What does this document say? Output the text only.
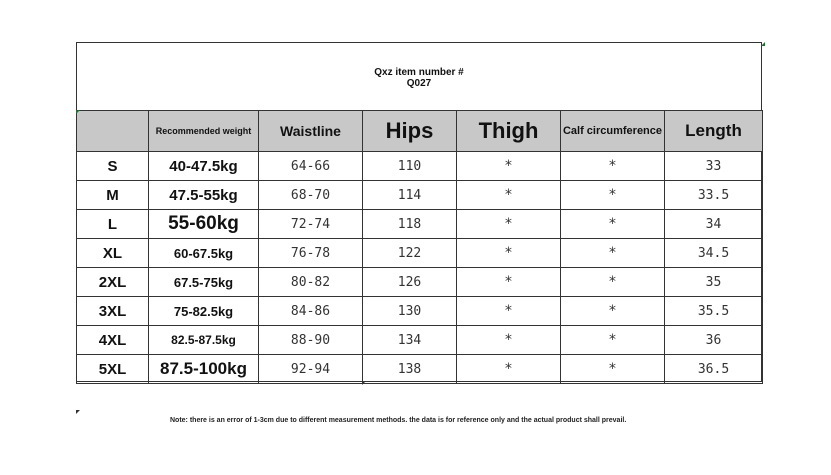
Qxz item number #
Q027
	Recommended weight	Waistline	Hips	Thigh	Calf circumference	Length
S	40-47.5kg	64-66	110	*	*	33
M	47.5-55kg	68-70	114	*	*	33.5
L	55-60kg	72-74	118	*	*	34
XL	60-67.5kg	76-78	122	*	*	34.5
2XL	67.5-75kg	80-82	126	*	*	35
3XL	75-82.5kg	84-86	130	*	*	35.5
4XL	82.5-87.5kg	88-90	134	*	*	36
5XL	87.5-100kg	92-94	138	*	*	36.5
Note: there is an error of 1-3cm due to different measurement methods. the data is for reference only and the actual product shall prevail.
